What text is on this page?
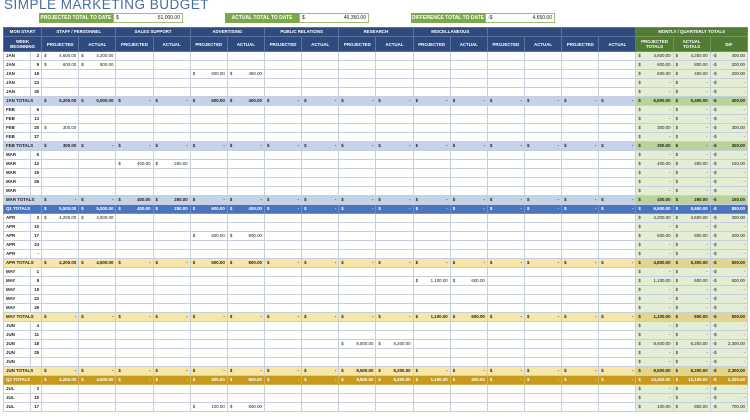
SIMPLE MARKETING BUDGET
PROJECTED TOTAL TO DATE $	51,000.00	ACTUAL TOTAL TO DATE	$	46,350.00	DIFFERENCE TOTAL TO DATE -$	4,650.00
MON START		STAFF / PERSONNEL		SALES SUPPORT		ADVERTISING		PUBLIC RELATIONS		RESEARCH		MISCELLANEOUS						MONTLY / QUARTERLY TOTALS		
WEEK BEGINNING		PROJECTED	ACTUAL	PROJECTED	ACTUAL	PROJECTED	ACTUAL	PROJECTED	ACTUAL	PROJECTED	ACTUAL	PROJECTED	ACTUAL	PROJECTED	ACTUAL	PROJECTED	ACTUAL	PROJECTED TOTALS	ACTUAL TOTALS	DIF
JAN	2	$ 4,600.00	$ 4,200.00															$ 4,600.00	$ 4,200.00	-$ 400.00

JAN	9	$ 600.00	$ 800.00															$ 600.00	$ 800.00	-$ 200.00

JAN	16					$ 600.00	$ 450.00											$ 600.00	$ 400.00	-$ 200.00

JAN	23																	$ -	$ -	-$ -

JAN	30																	$ -	$ -	-$ -

JAN TOTALS		$ 5,200.00	$ 5,000.00	$ -	$ -	$ 600.00	$ 400.00	$ -	$ -	$ -	$ -	$ -	$ -	$ -	$ -	$ -	$ -	$ 5,800.00	$ 5,400.00	-$ 400.00

FEB	6																	$ -	$ -	-$ -

FEB	13																	$ -	$ -	-$ -

FEB	20	$ 300.00																$ 300.00	$ -	-$ 300.00

FEB	27																	$ -	$ -	-$ -

FEB TOTALS		$ 300.00	$ -	$ -	$ -	$ -	$ -	$ -	$ -	$ -	$ -	$ -	$ -	$ -	$ -	$ -	$ -	$ 300.00	$ -	-$ 300.00

MAR	5																	$ -	$ -	-$ -

MAR	12			$ 400.00	$ 250.00													$ 400.00	$ 250.00	-$ 150.00

MAR	19																	$ -	$ -	-$ -

MAR	26																	$ -	$ -	-$ -

MAR																		$ -	$ -	-$ -

MAR TOTALS		$ -	$ -	$ 400.00	$ 250.00	$ -	$ -	$ -	$ -	$ -	$ -	$ -	$ -	$ -	$ -	$ -	$ -	$ 400.00	$ 250.00	-$ 150.00

Q1 TOTALS		$ 5,500.00	$ 5,000.00	$ 400.00	$ 250.00	$ 600.00	$ 400.00	$ -	$ -	$ -	$ -	$ -	$ -	$ -	$ -	$ -	$ -	$ 6,500.00	$ 5,650.00	-$ 850.00

APR	3	$ 4,200.00	$ 4,500.00															$ 4,200.00	$ 4,500.00	-$ 300.00

APR	10																	$ -	$ -	-$ -

APR	17					$ 600.00	$ 800.00											$ 600.00	$ 800.00	-$ 200.00

APR	24																	$ -	$ -	-$ -

APR	-																	$ -	$ -	-$ -

APR TOTALS		$ 4,200.00	$ 4,500.00	$ -	$ -	$ 600.00	$ 800.00	$ -	$ -	$ -	$ -	$ -	$ -	$ -	$ -	$ -	$ -	$ 4,800.00	$ 5,300.00	-$ 500.00

MAY	1																	$ -	$ -	-$ -

MAY	8											$ 1,100.00	$ 600.00					$ 1,100.00	$ 600.00	-$ 500.00

MAY	15																	$ -	$ -	-$ -

MAY	22																	$ -	$ -	-$ -

MAY	29																	$ -	$ -	-$ -

MAY TOTALS		$ -	$ -	$ -	$ -	$ -	$ -	$ -	$ -	$ -	$ -	$ 1,100.00	$ 600.00	$ -	$ -	$ -	$ -	$ 1,100.00	$ 600.00	-$ 500.00

JUN	4																	$ -	$ -	-$ -

JUN	11																	$ -	$ -	-$ -

JUN	18									$ 8,500.00	$ 6,200.00							$ 8,500.00	$ 6,200.00	-$ 2,300.00

JUN	25																	$ -	$ -	-$ -

JUN																		$ -	$ -	-$ -

JUN TOTALS		$ -	$ -	$ -	$ -	$ -	$ -	$ -	$ -	$ 8,500.00	$ 6,200.00	$ -	$ -	$ -	$ -	$ -	$ -	$ 8,500.00	$ 6,200.00	-$ 2,300.00

Q2 TOTALS		$ 4,200.00	$ 4,500.00	$ -	$ -	$ 600.00	$ 800.00	$ -	$ -	$ 8,500.00	$ 6,200.00	$ 1,100.00	$ 600.00	$ -	$ -	$ -	$ -	$ 14,400.00	$ 12,100.00	-$ 2,300.00

JUL	3																	$ -	$ -	-$ -

JUL	10																	$ -	$ -	-$ -

JUL	17					$ 100.00	$ 800.00											$ 100.00	$ 800.00	-$ 700.00
